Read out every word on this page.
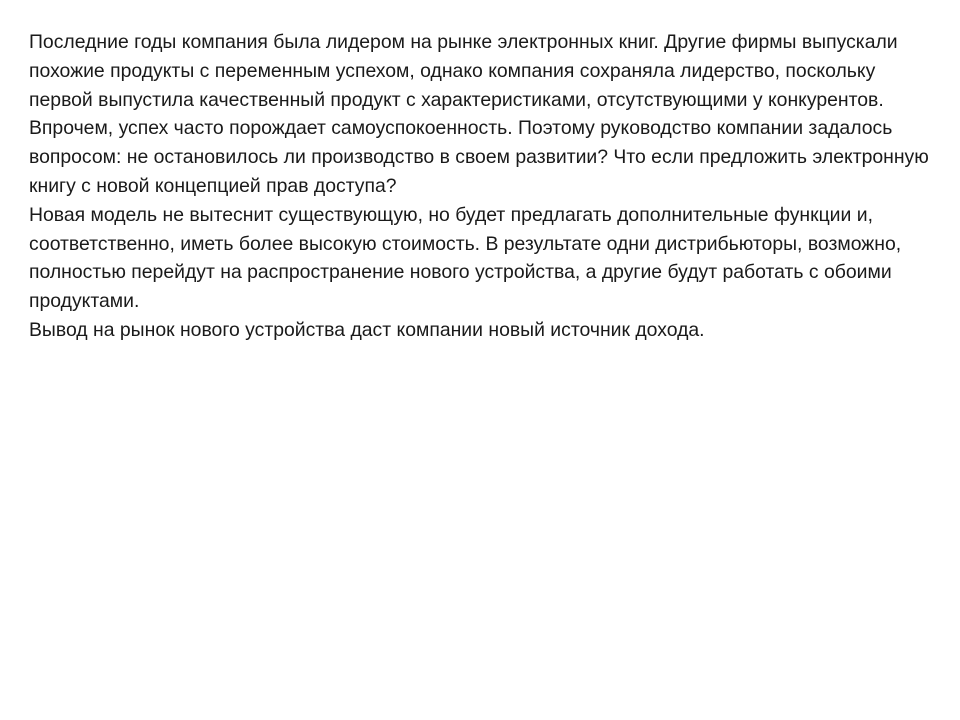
Последние годы компания была лидером на рынке электронных книг. Другие фирмы выпускали похожие продукты с переменным успехом, однако компания сохраняла лидерство, поскольку первой выпустила качественный продукт с характеристиками, отсутствующими у конкурентов.

Впрочем, успех часто порождает самоуспокоенность. Поэтому руководство компании задалось вопросом: не остановилось ли производство в своем развитии? Что если предложить электронную книгу с новой концепцией прав доступа?

Новая модель не вытеснит существующую, но будет предлагать дополнительные функции и, соответственно, иметь более высокую стоимость. В результате одни дистрибьюторы, возможно, полностью перейдут на распространение нового устройства, а другие будут работать с обоими продуктами.

Вывод на рынок нового устройства даст компании новый источник дохода.
